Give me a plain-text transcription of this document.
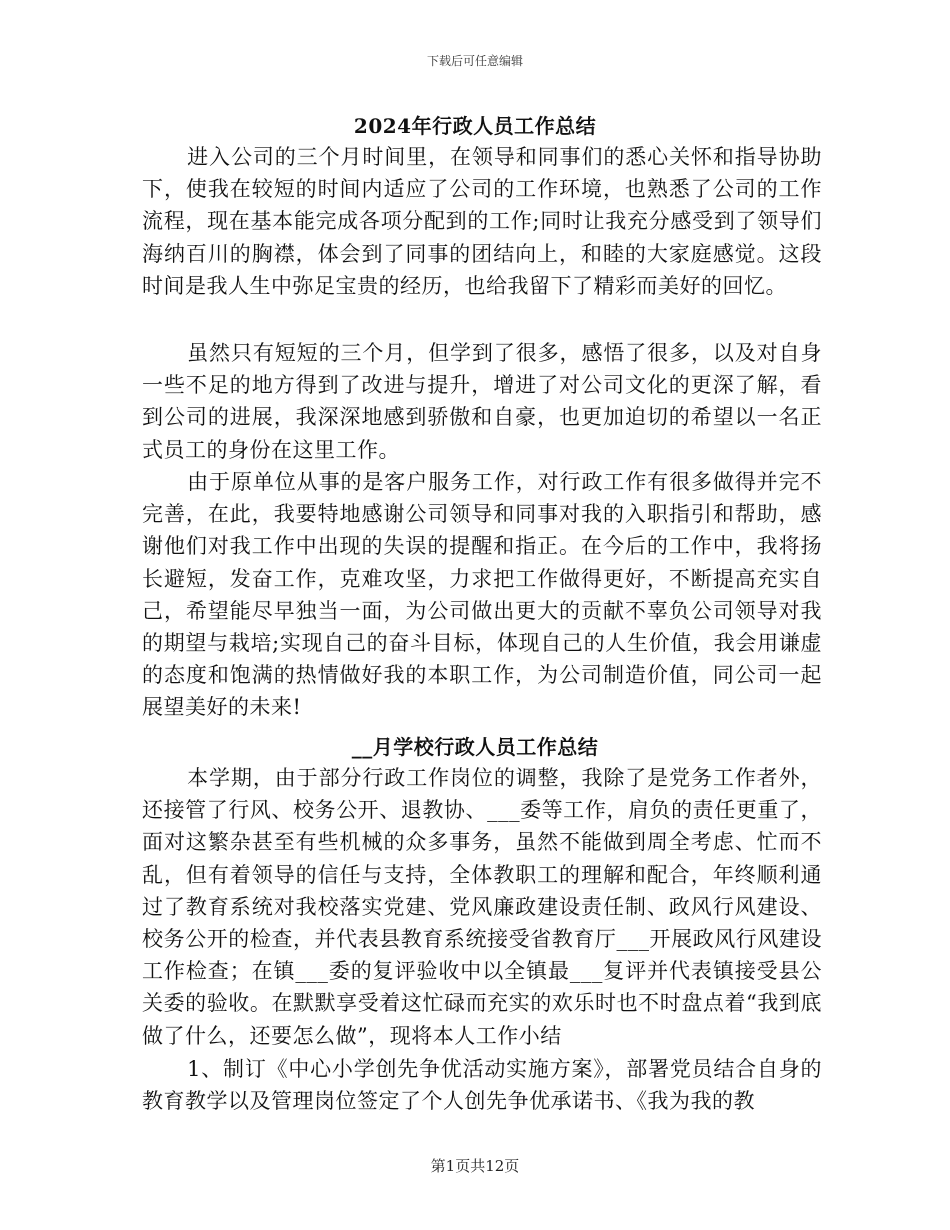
下载后可任意编辑
2024年行政人员工作总结

进入公司的三个月时间里，在领导和同事们的悉心关怀和指导协助下，使我在较短的时间内适应了公司的工作环境，也熟悉了公司的工作流程，现在基本能完成各项分配到的工作;同时让我充分感受到了领导们海纳百川的胸襟，体会到了同事的团结向上，和睦的大家庭感觉。这段时间是我人生中弥足宝贵的经历，也给我留下了精彩而美好的回忆。

虽然只有短短的三个月，但学到了很多，感悟了很多，以及对自身一些不足的地方得到了改进与提升，增进了对公司文化的更深了解，看到公司的进展，我深深地感到骄傲和自豪，也更加迫切的希望以一名正式员工的身份在这里工作。

由于原单位从事的是客户服务工作，对行政工作有很多做得并完不完善，在此，我要特地感谢公司领导和同事对我的入职指引和帮助，感谢他们对我工作中出现的失误的提醒和指正。在今后的工作中，我将扬长避短，发奋工作，克难攻坚，力求把工作做得更好，不断提高充实自己，希望能尽早独当一面，为公司做出更大的贡献不辜负公司领导对我的期望与栽培;实现自己的奋斗目标，体现自己的人生价值，我会用谦虚的态度和饱满的热情做好我的本职工作，为公司制造价值，同公司一起展望美好的未来!

__月学校行政人员工作总结

本学期，由于部分行政工作岗位的调整，我除了是党务工作者外，还接管了行风、校务公开、退教协、___委等工作，肩负的责任更重了，面对这繁杂甚至有些机械的众多事务，虽然不能做到周全考虑、忙而不乱，但有着领导的信任与支持，全体教职工的理解和配合，年终顺利通过了教育系统对我校落实党建、党风廉政建设责任制、政风行风建设、校务公开的检查，并代表县教育系统接受省教育厅___开展政风行风建设工作检查；在镇___委的复评验收中以全镇最___复评并代表镇接受县公关委的验收。在默默享受着这忙碌而充实的欢乐时也不时盘点着“我到底做了什么，还要怎么做”，现将本人工作小结

1、制订《中心小学创先争优活动实施方案》，部署党员结合自身的教育教学以及管理岗位签定了个人创先争优承诺书、《我为我的教

第1页共12页
